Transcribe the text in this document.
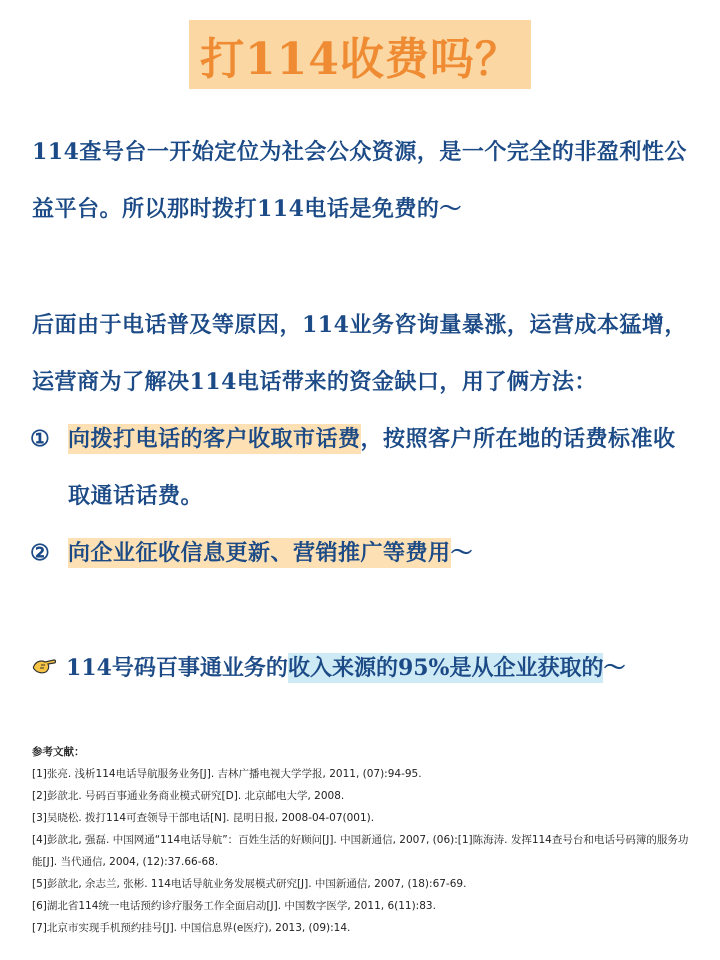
打114收费吗？
114查号台一开始定位为社会公众资源，是一个完全的非盈利性公益平台。所以那时拨打114电话是免费的～
后面由于电话普及等原因，114业务咨询量暴涨，运营成本猛增，运营商为了解决114电话带来的资金缺口，用了俩方法：
① 向拨打电话的客户收取市话费，按照客户所在地的话费标准收取通话话费。
② 向企业征收信息更新、营销推广等费用～
114号码百事通业务的收入来源的95%是从企业获取的～
参考文献：
[1]张亮. 浅析114电话导航服务业务[J]. 吉林广播电视大学学报, 2011, (07):94-95.
[2]彭歆北. 号码百事通业务商业模式研究[D]. 北京邮电大学, 2008.
[3]吴晓松. 拨打114可查领导干部电话[N]. 昆明日报, 2008-04-07(001).
[4]彭歆北, 强磊. 中国网通“114电话导航”：百姓生活的好顾问[J]. 中国新通信, 2007, (06):[1]陈海涛. 发挥114查号台和电话号码簿的服务功能[J]. 当代通信, 2004, (12):37.66-68.
[5]彭歆北, 余志兰, 张彬. 114电话导航业务发展模式研究[J]. 中国新通信, 2007, (18):67-69.
[6]湖北省114统一电话预约诊疗服务工作全面启动[J]. 中国数字医学, 2011, 6(11):83.
[7]北京市实现手机预约挂号[J]. 中国信息界(e医疗), 2013, (09):14.
